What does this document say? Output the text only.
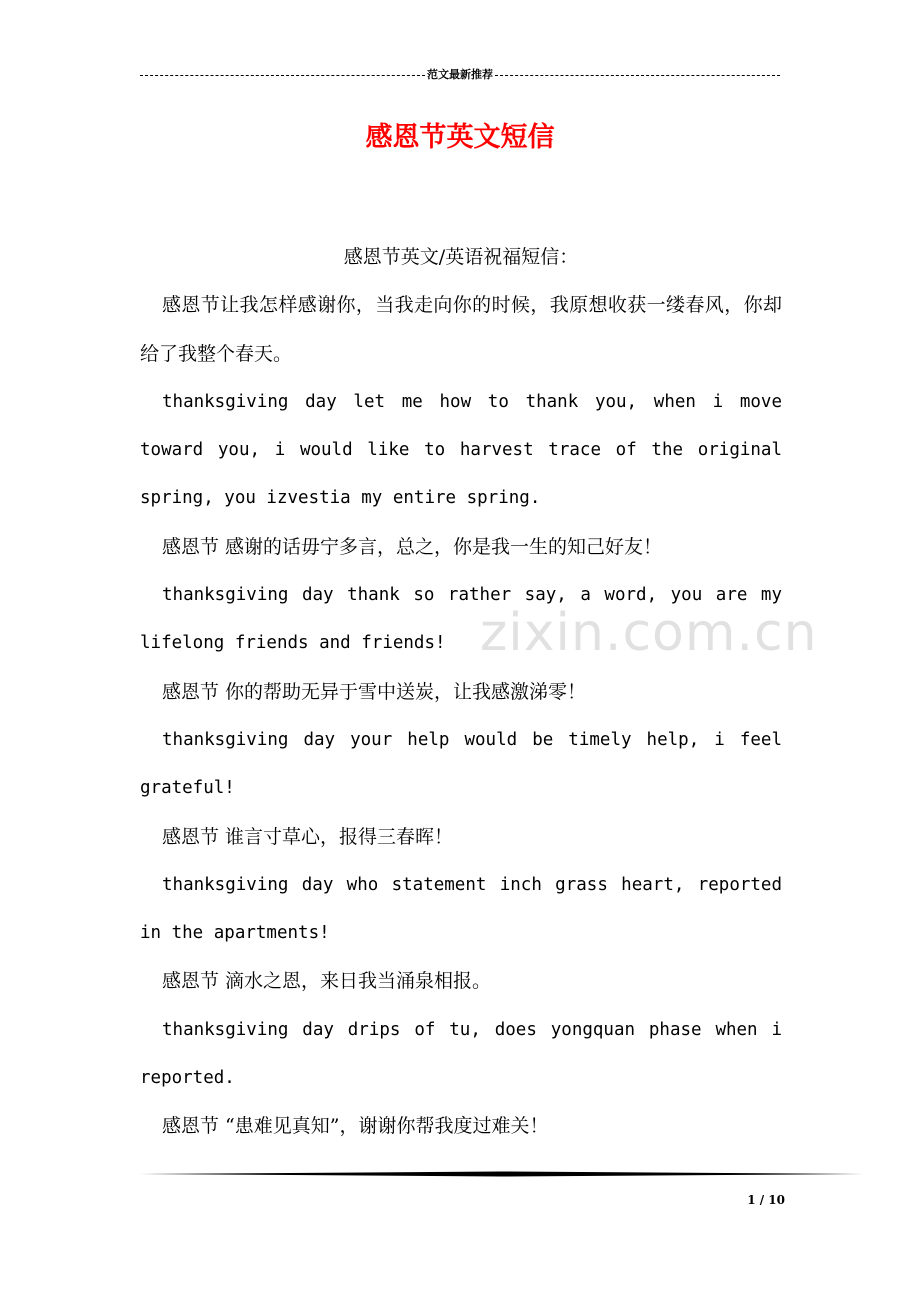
范文最新推荐
感恩节英文短信

感恩节英文/英语祝福短信：

感恩节让我怎样感谢你，当我走向你的时候，我原想收获一缕春风，你却给了我整个春天。

thanksgiving day let me how to thank you, when i move toward you, i would like to harvest trace of the original spring, you izvestia my entire spring.

感恩节 感谢的话毋宁多言，总之，你是我一生的知己好友！

thanksgiving day thank so rather say, a word, you are my lifelong friends and friends!

感恩节 你的帮助无异于雪中送炭，让我感激涕零！

thanksgiving day your help would be timely help, i feel grateful!

感恩节 谁言寸草心，报得三春晖！

thanksgiving day who statement inch grass heart, reported in the apartments!

感恩节 滴水之恩，来日我当涌泉相报。

thanksgiving day drips of tu, does yongquan phase when i reported.

感恩节 “患难见真知”，谢谢你帮我度过难关！

zixin.com.cn
1 / 10
